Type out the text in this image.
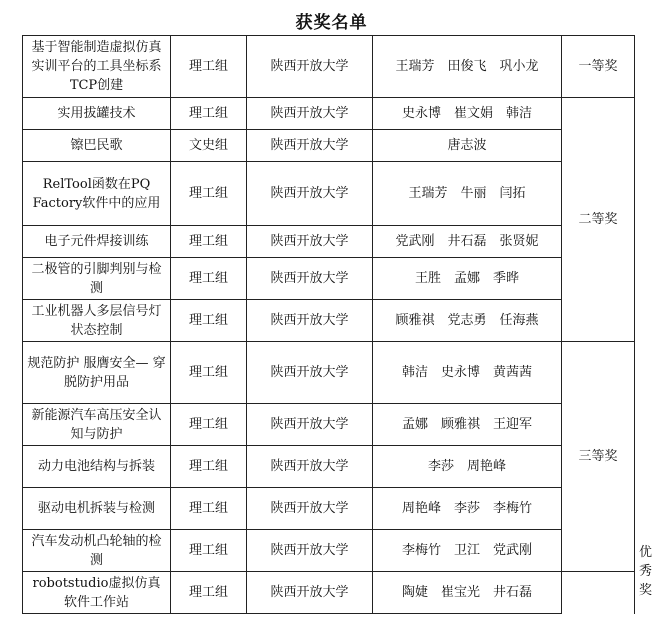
获奖名单
基于智能制造虚拟仿真实训平台的工具坐标系TCP创建	理工组	陕西开放大学	王瑞芳　田俊飞　巩小龙	一等奖	
实用拔罐技术	理工组	陕西开放大学	史永博　崔文娟　韩洁	二等奖	
镲巴民歌	文史组	陕西开放大学	唐志波		
RelTool函数在PQ Factory软件中的应用	理工组	陕西开放大学	王瑞芳　牛丽　闫拓		
电子元件焊接训练	理工组	陕西开放大学	党武刚　井石磊　张贤妮		
二极管的引脚判别与检测	理工组	陕西开放大学	王胜　孟娜　季晔		
工业机器人多层信号灯状态控制	理工组	陕西开放大学	顾雅祺　党志勇　任海燕		
规范防护 服膺安全— 穿脱防护用品	理工组	陕西开放大学	韩洁　史永博　黄茜茜	三等奖	
新能源汽车高压安全认知与防护	理工组	陕西开放大学	孟娜　顾雅祺　王迎军		
动力电池结构与拆装	理工组	陕西开放大学	李莎　周艳峰		
驱动电机拆装与检测	理工组	陕西开放大学	周艳峰　李莎　李梅竹		
汽车发动机凸轮轴的检测	理工组	陕西开放大学	李梅竹　卫江　党武刚		优秀奖
robotstudio虚拟仿真软件工作站	理工组	陕西开放大学	陶婕　崔宝光　井石磊		
